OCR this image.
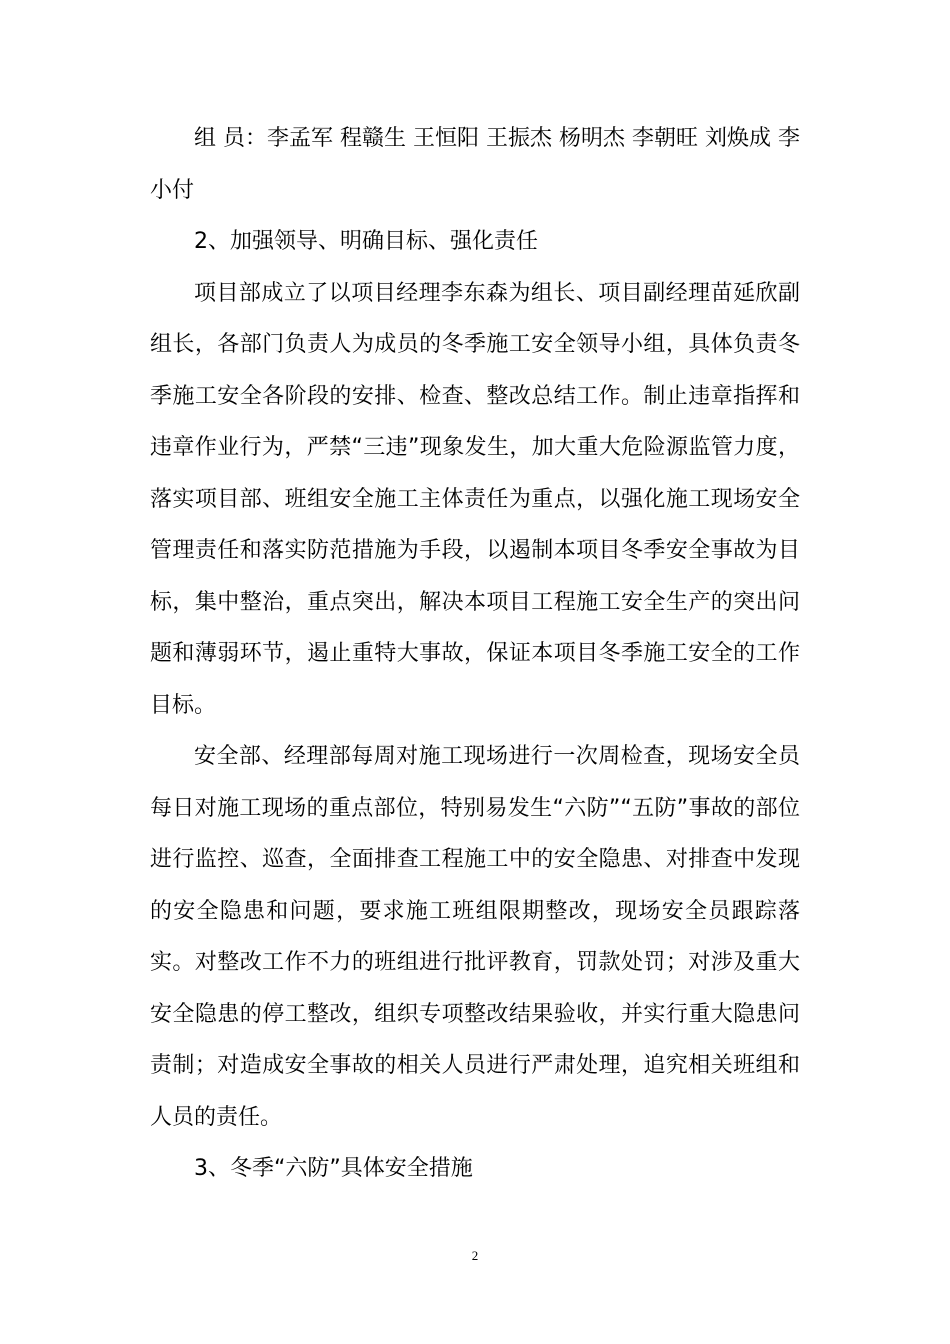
组 员：李孟军 程赣生 王恒阳 王振杰 杨明杰 李朝旺 刘焕成 李小付

2、加强领导、明确目标、强化责任

项目部成立了以项目经理李东森为组长、项目副经理苗延欣副组长，各部门负责人为成员的冬季施工安全领导小组，具体负责冬季施工安全各阶段的安排、检查、整改总结工作。制止违章指挥和违章作业行为，严禁“三违”现象发生，加大重大危险源监管力度，落实项目部、班组安全施工主体责任为重点，以强化施工现场安全管理责任和落实防范措施为手段，以遏制本项目冬季安全事故为目标，集中整治，重点突出，解决本项目工程施工安全生产的突出问题和薄弱环节，遏止重特大事故，保证本项目冬季施工安全的工作目标。

安全部、经理部每周对施工现场进行一次周检查，现场安全员每日对施工现场的重点部位，特别易发生“六防”“五防”事故的部位进行监控、巡查，全面排查工程施工中的安全隐患、对排查中发现的安全隐患和问题，要求施工班组限期整改，现场安全员跟踪落实。对整改工作不力的班组进行批评教育，罚款处罚；对涉及重大安全隐患的停工整改，组织专项整改结果验收，并实行重大隐患问责制；对造成安全事故的相关人员进行严肃处理，追究相关班组和人员的责任。

3、冬季“六防”具体安全措施

2
